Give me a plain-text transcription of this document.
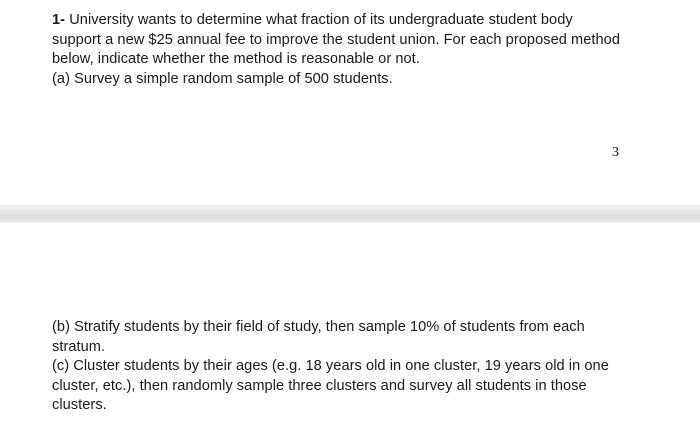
1- University wants to determine what fraction of its undergraduate student body
support a new $25 annual fee to improve the student union. For each proposed method
below, indicate whether the method is reasonable or not.
(a) Survey a simple random sample of 500 students.
3
(b) Stratify students by their field of study, then sample 10% of students from each
stratum.
(c) Cluster students by their ages (e.g. 18 years old in one cluster, 19 years old in one
cluster, etc.), then randomly sample three clusters and survey all students in those
clusters.
